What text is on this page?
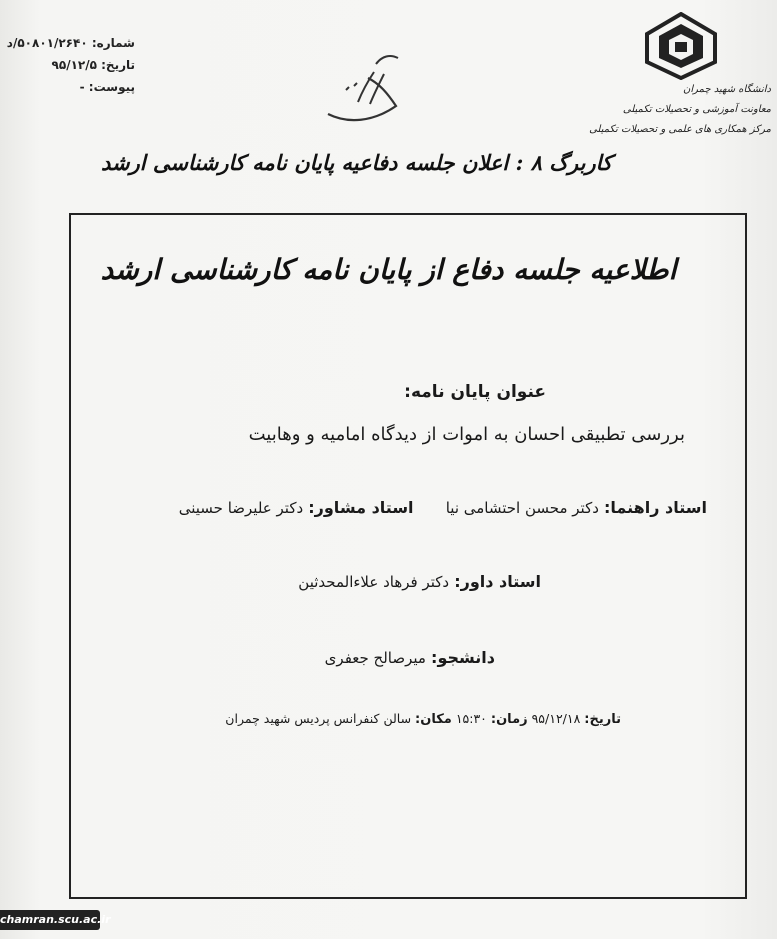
شماره: ۵۰۸۰۱/۲۶۴۰/د
تاریخ: ۹۵/۱۲/۵
پیوست: -	دانشگاه شهید چمران
معاونت آموزشی و تحصیلات تکمیلی
مرکز همکاری های علمی و تحصیلات تکمیلی
کاربرگ ۸ : اعلان جلسه دفاعیه پایان نامه کارشناسی ارشد
اطلاعیه جلسه دفاع از پایان نامه کارشناسی ارشد
عنوان پایان نامه:
بررسی تطبیقی احسان به اموات از دیدگاه امامیه و وهابیت
استاد راهنما: دکتر محسن احتشامی نیا  استاد مشاور: دکتر علیرضا حسینی
استاد داور: دکتر فرهاد علاءالمحدثین
دانشجو: میرصالح جعفری
تاریخ: ۹۵/۱۲/۱۸ زمان: ۱۵:۳۰ مکان: سالن کنفرانس پردیس شهید چمران
chamran.scu.ac.ir
